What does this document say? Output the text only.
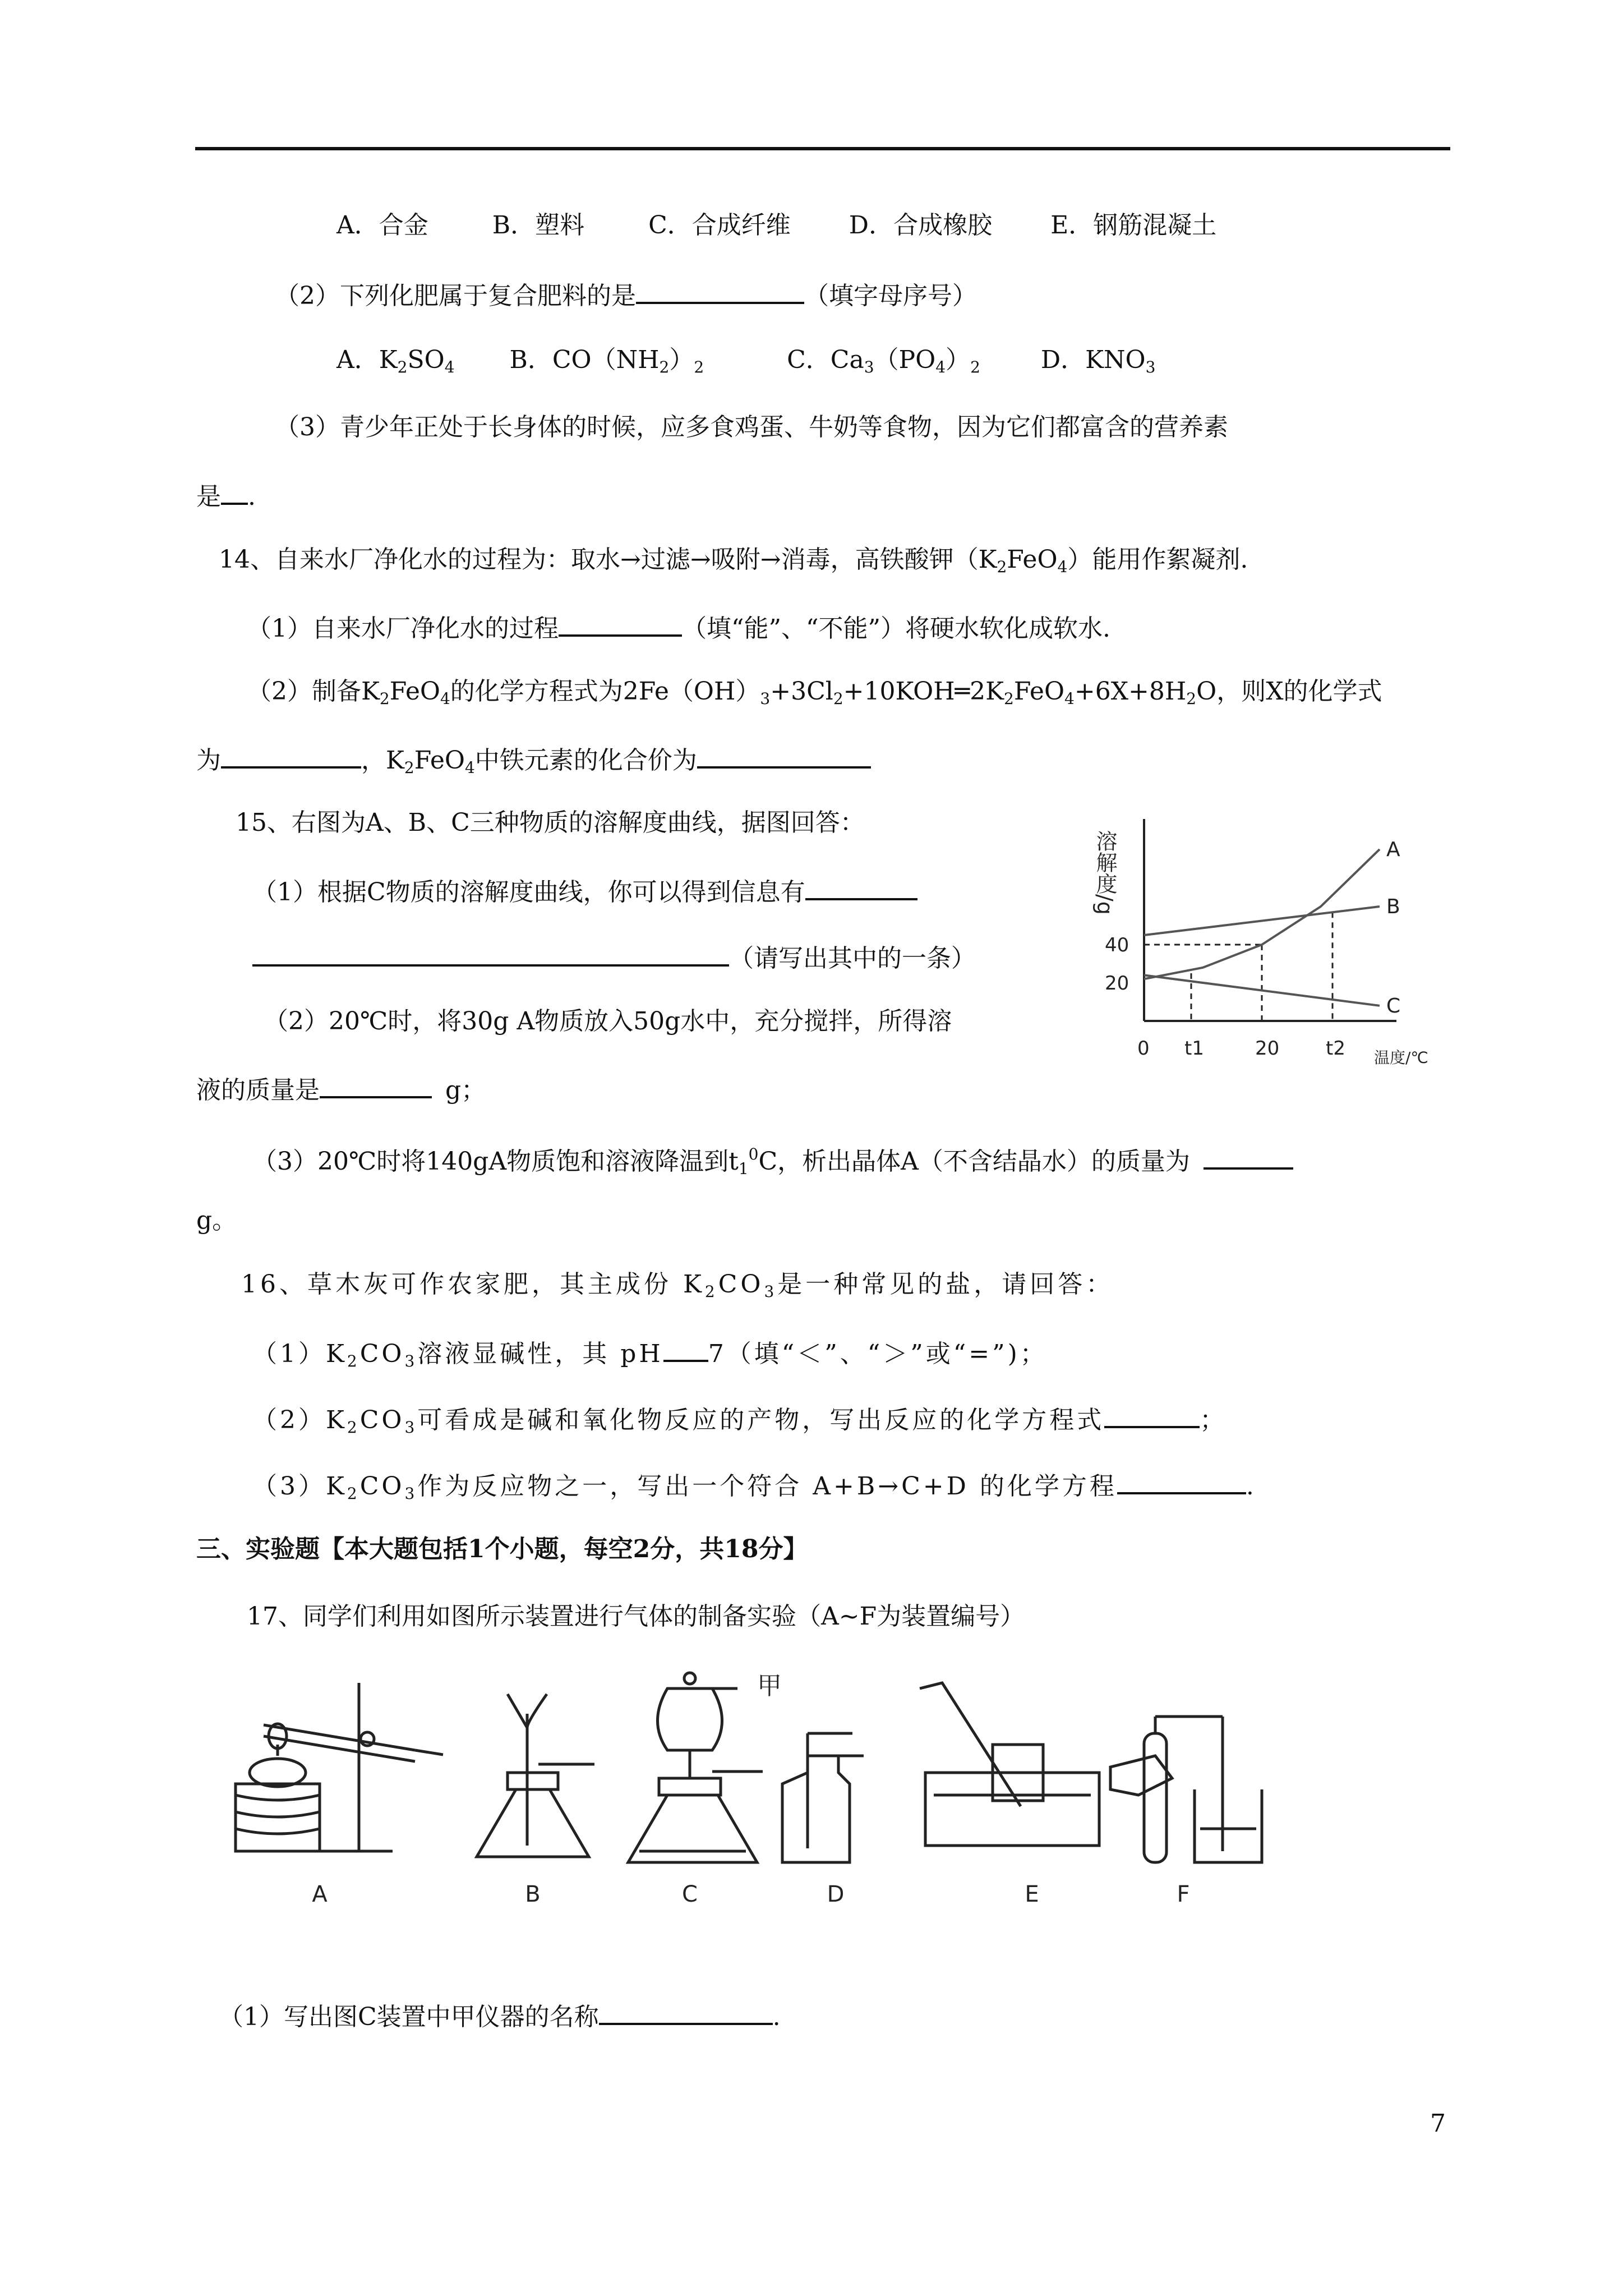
A．合金	B．塑料	C．合成纤维 D．合成橡胶 E．钢筋混凝土
（2）下列化肥属于复合肥料的是	（填字母序号）
A．$K_2SO_4$ B．$CO(NH_2)_2$	C．$Ca_3(PO_4)_2$ D．$KNO_3$
（3）青少年正处于长身体的时候，应多食鸡蛋、牛奶等食物，因为它们都富含的营养素
是 .
14、自来水厂净化水的过程为：取水→过滤→吸附→消毒，高铁酸钾$(K_2FeO_4)$能用作絮凝剂.
（1）自来水厂净化水的过程	（填“能”、“不能”）将硬水软化成软水.
（2）制备$K_2FeO_4$的化学方程式为$2Fe(OH)_3+3Cl_2+10KOH═2K_2FeO_4+6X+8H_2O$，则X的化学式
为	，$K_2FeO_4$中铁元素的化合价为
15、右图为A、B、C三种物质的溶解度曲线，据图回答：
（1）根据C物质的溶解度曲线，你可以得到信息有
（请写出其中的一条）
（2）20℃时，将30g A物质放入50g水中，充分搅拌，所得溶
液的质量是	g；
（3）20℃时将140gA物质饱和溶液降温到$t_1^0C$，析出晶体A（不含结晶水）的质量为
g。
溶解度/g
温度/℃
0 t1	20 t2
20
40
A
B
C
16、草木灰可作农家肥，其主成份 $K_2CO_3$是一种常见的盐，请回答：
$(1)K_2CO_3$溶液显碱性，其 pH 7（填“＜”、“＞”或“=”)；
$(2)K_2CO_3$可看成是碱和氧化物反应的产物，写出反应的化学方程式	；
$(3)K_2CO_3$作为反应物之一，写出一个符合 A+B→C+D 的化学方程	.
三、实验题【本大题包括1个小题，每空2分，共18分】
17、同学们利用如图所示装置进行气体的制备实验（A~F为装置编号）
A	B	C	D	E	F
甲
（1）写出图C装置中甲仪器的名称	.
7
